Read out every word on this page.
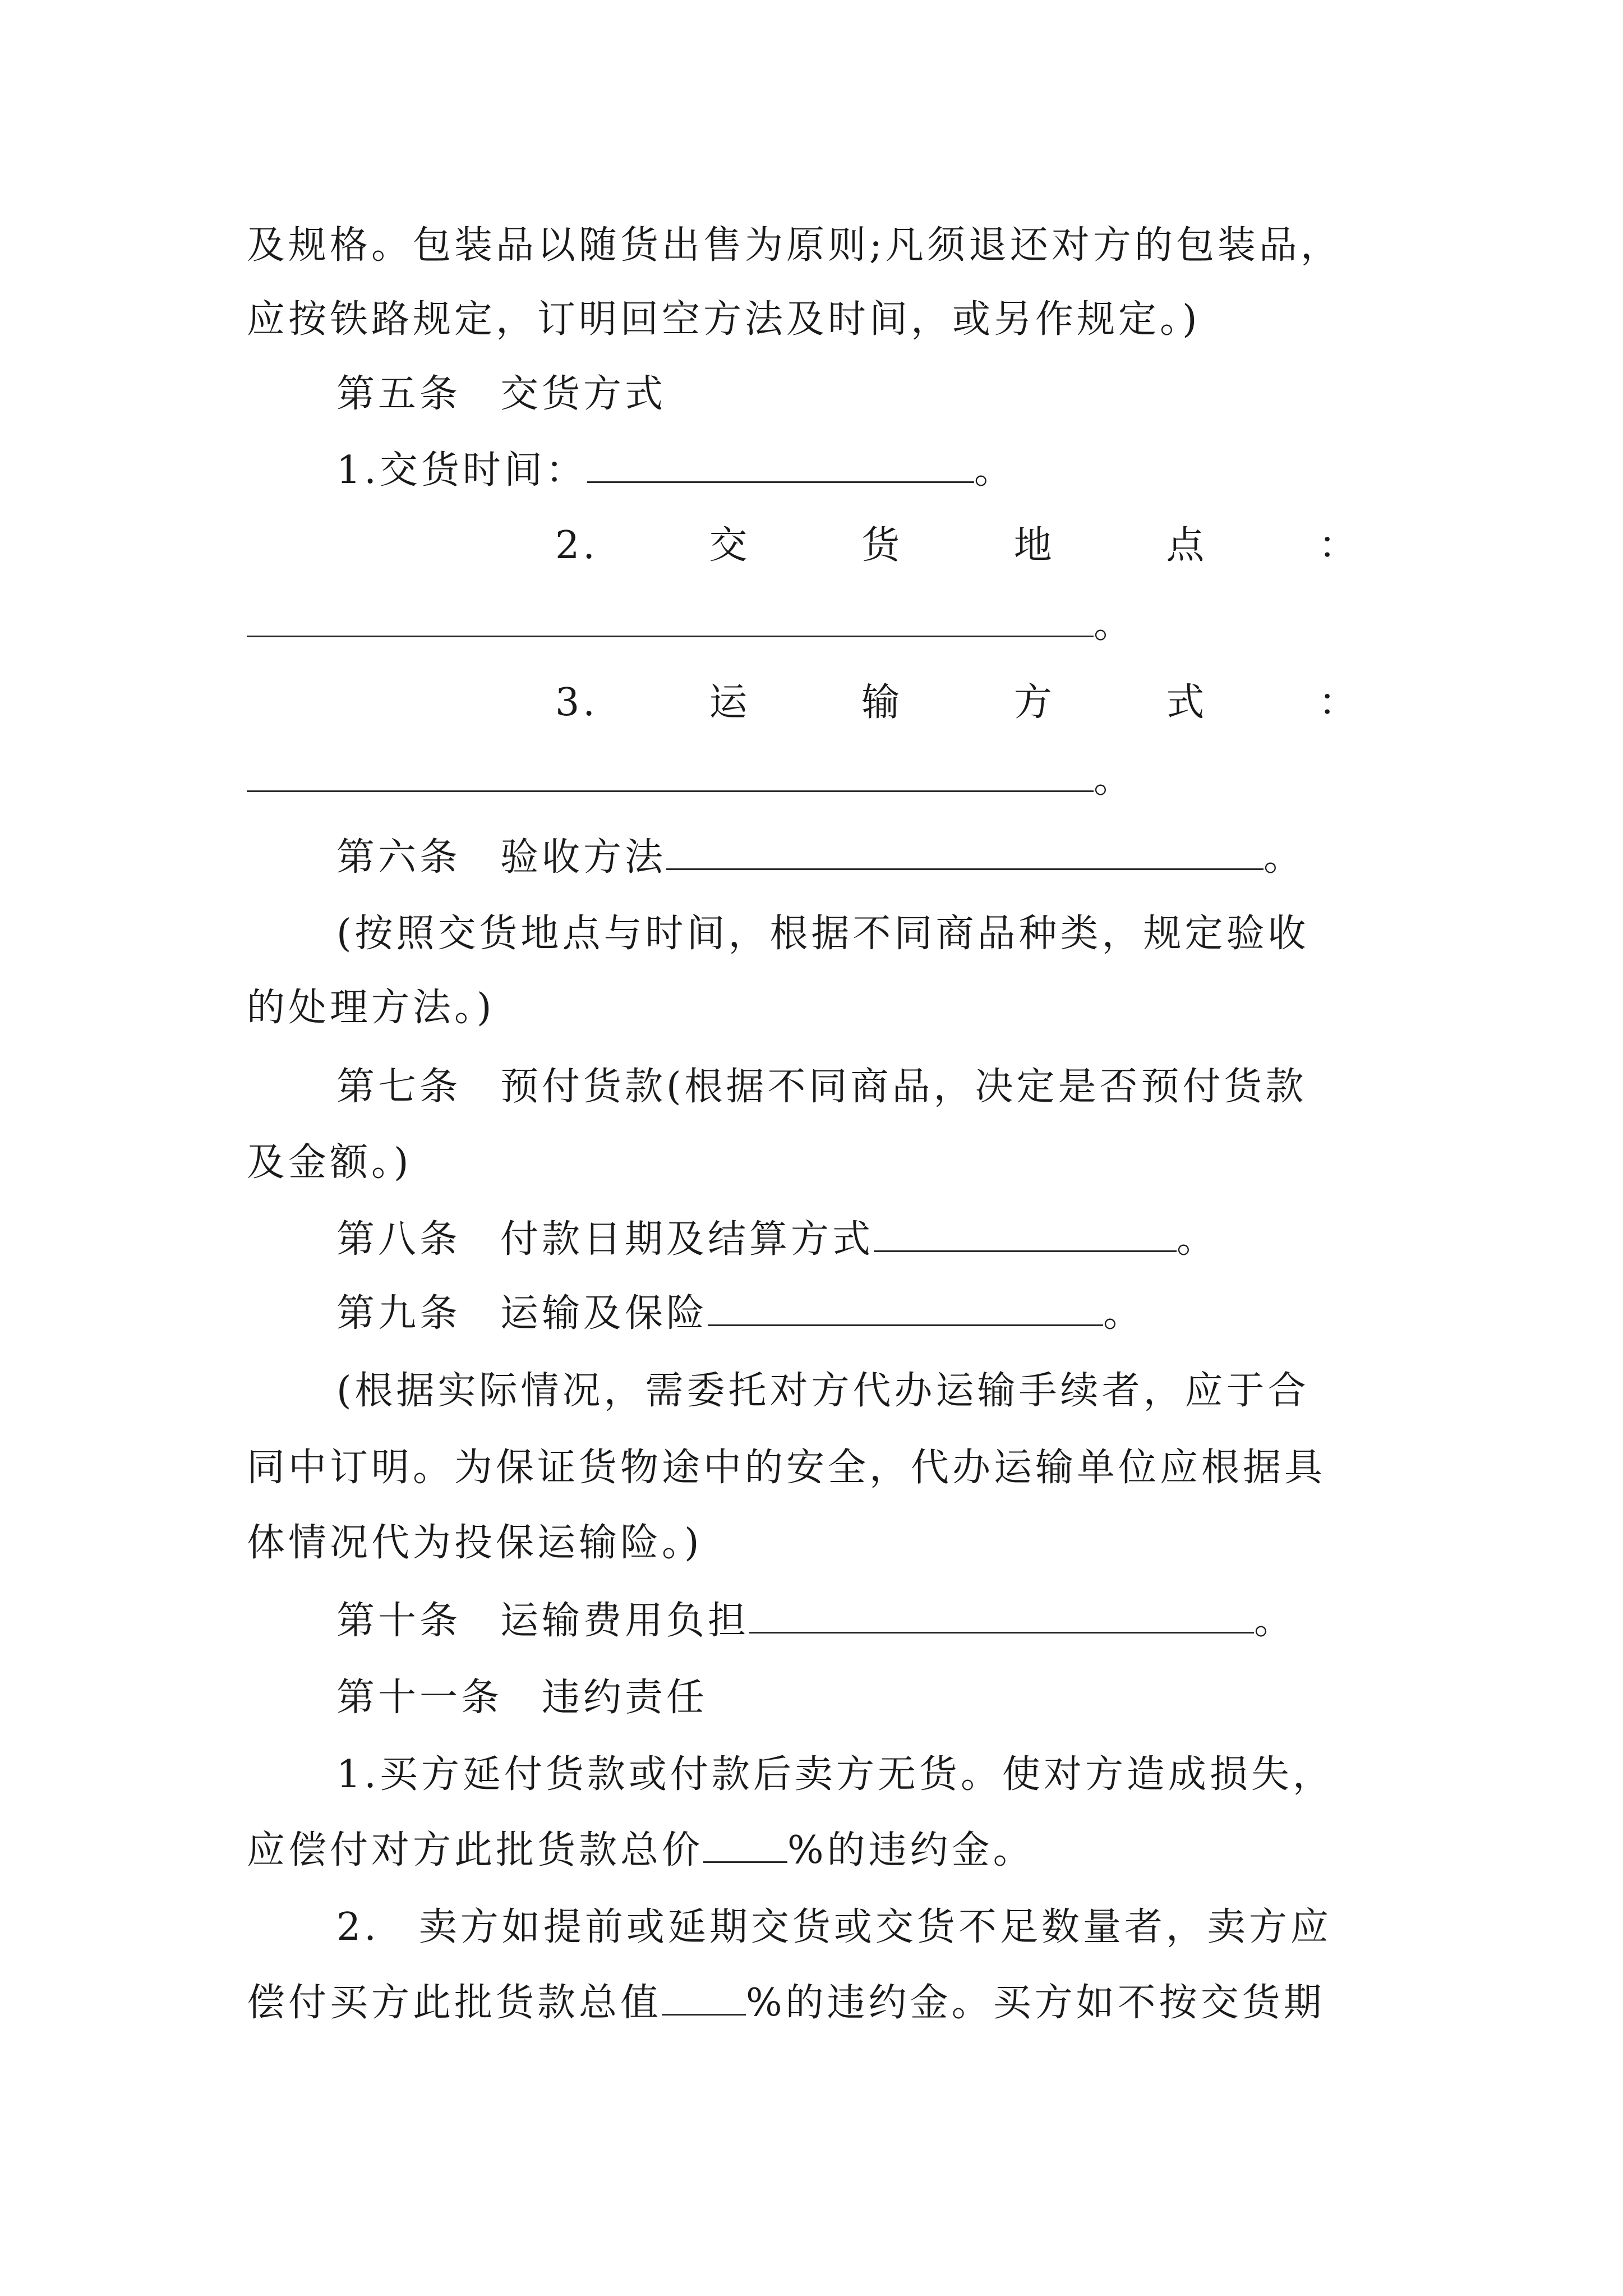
及规格。包装品以随货出售为原则;凡须退还对方的包装品，
应按铁路规定，订明回空方法及时间，或另作规定。)
第五条 交货方式
1.交货时间：	。
2.	交	货	地	点	：
。
3.	运	输	方	式	：
。
第六条 验收方法	。
(按照交货地点与时间，根据不同商品种类，规定验收
的处理方法。)
第七条 预付货款(根据不同商品，决定是否预付货款
及金额。)
第八条 付款日期及结算方式	。
第九条 运输及保险	。
(根据实际情况，需委托对方代办运输手续者，应于合
同中订明。为保证货物途中的安全，代办运输单位应根据具
体情况代为投保运输险。)
第十条 运输费用负担	。
第十一条 违约责任
1.买方延付货款或付款后卖方无货。使对方造成损失，
应偿付对方此批货款总价 %的违约金。
2. 卖方如提前或延期交货或交货不足数量者，卖方应
偿付买方此批货款总值 %的违约金。买方如不按交货期
